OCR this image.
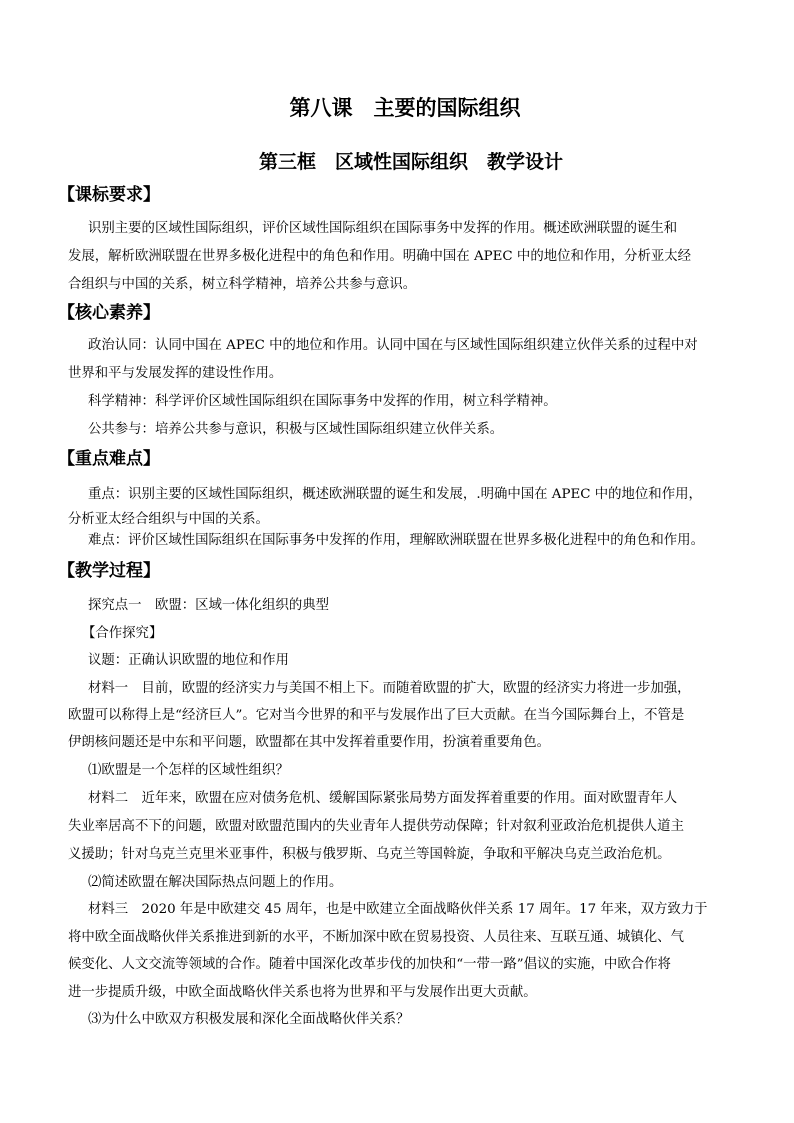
第八课　主要的国际组织
第三框　区域性国际组织　教学设计
【课标要求】
识别主要的区域性国际组织，评价区域性国际组织在国际事务中发挥的作用。概述欧洲联盟的诞生和
发展，解析欧洲联盟在世界多极化进程中的角色和作用。明确中国在 APEC 中的地位和作用，分析亚太经
合组织与中国的关系，树立科学精神，培养公共参与意识。
【核心素养】
政治认同：认同中国在 APEC 中的地位和作用。认同中国在与区域性国际组织建立伙伴关系的过程中对
世界和平与发展发挥的建设性作用。
科学精神：科学评价区域性国际组织在国际事务中发挥的作用，树立科学精神。
公共参与：培养公共参与意识，积极与区域性国际组织建立伙伴关系。
【重点难点】
重点：识别主要的区域性国际组织，概述欧洲联盟的诞生和发展，.明确中国在 APEC 中的地位和作用，
分析亚太经合组织与中国的关系。
难点：评价区域性国际组织在国际事务中发挥的作用，理解欧洲联盟在世界多极化进程中的角色和作用。
【教学过程】
探究点一　欧盟：区域一体化组织的典型
【合作探究】
议题：正确认识欧盟的地位和作用
材料一　目前，欧盟的经济实力与美国不相上下。而随着欧盟的扩大，欧盟的经济实力将进一步加强，
欧盟可以称得上是“经济巨人”。它对当今世界的和平与发展作出了巨大贡献。在当今国际舞台上，不管是
伊朗核问题还是中东和平问题，欧盟都在其中发挥着重要作用，扮演着重要角色。
⑴欧盟是一个怎样的区域性组织？
材料二　近年来，欧盟在应对债务危机、缓解国际紧张局势方面发挥着重要的作用。面对欧盟青年人
失业率居高不下的问题，欧盟对欧盟范围内的失业青年人提供劳动保障；针对叙利亚政治危机提供人道主
义援助；针对乌克兰克里米亚事件，积极与俄罗斯、乌克兰等国斡旋，争取和平解决乌克兰政治危机。
⑵简述欧盟在解决国际热点问题上的作用。
材料三　2020 年是中欧建交 45 周年，也是中欧建立全面战略伙伴关系 17 周年。17 年来，双方致力于
将中欧全面战略伙伴关系推进到新的水平，不断加深中欧在贸易投资、人员往来、互联互通、城镇化、气
候变化、人文交流等领域的合作。随着中国深化改革步伐的加快和“一带一路”倡议的实施，中欧合作将
进一步提质升级，中欧全面战略伙伴关系也将为世界和平与发展作出更大贡献。
⑶为什么中欧双方积极发展和深化全面战略伙伴关系？
